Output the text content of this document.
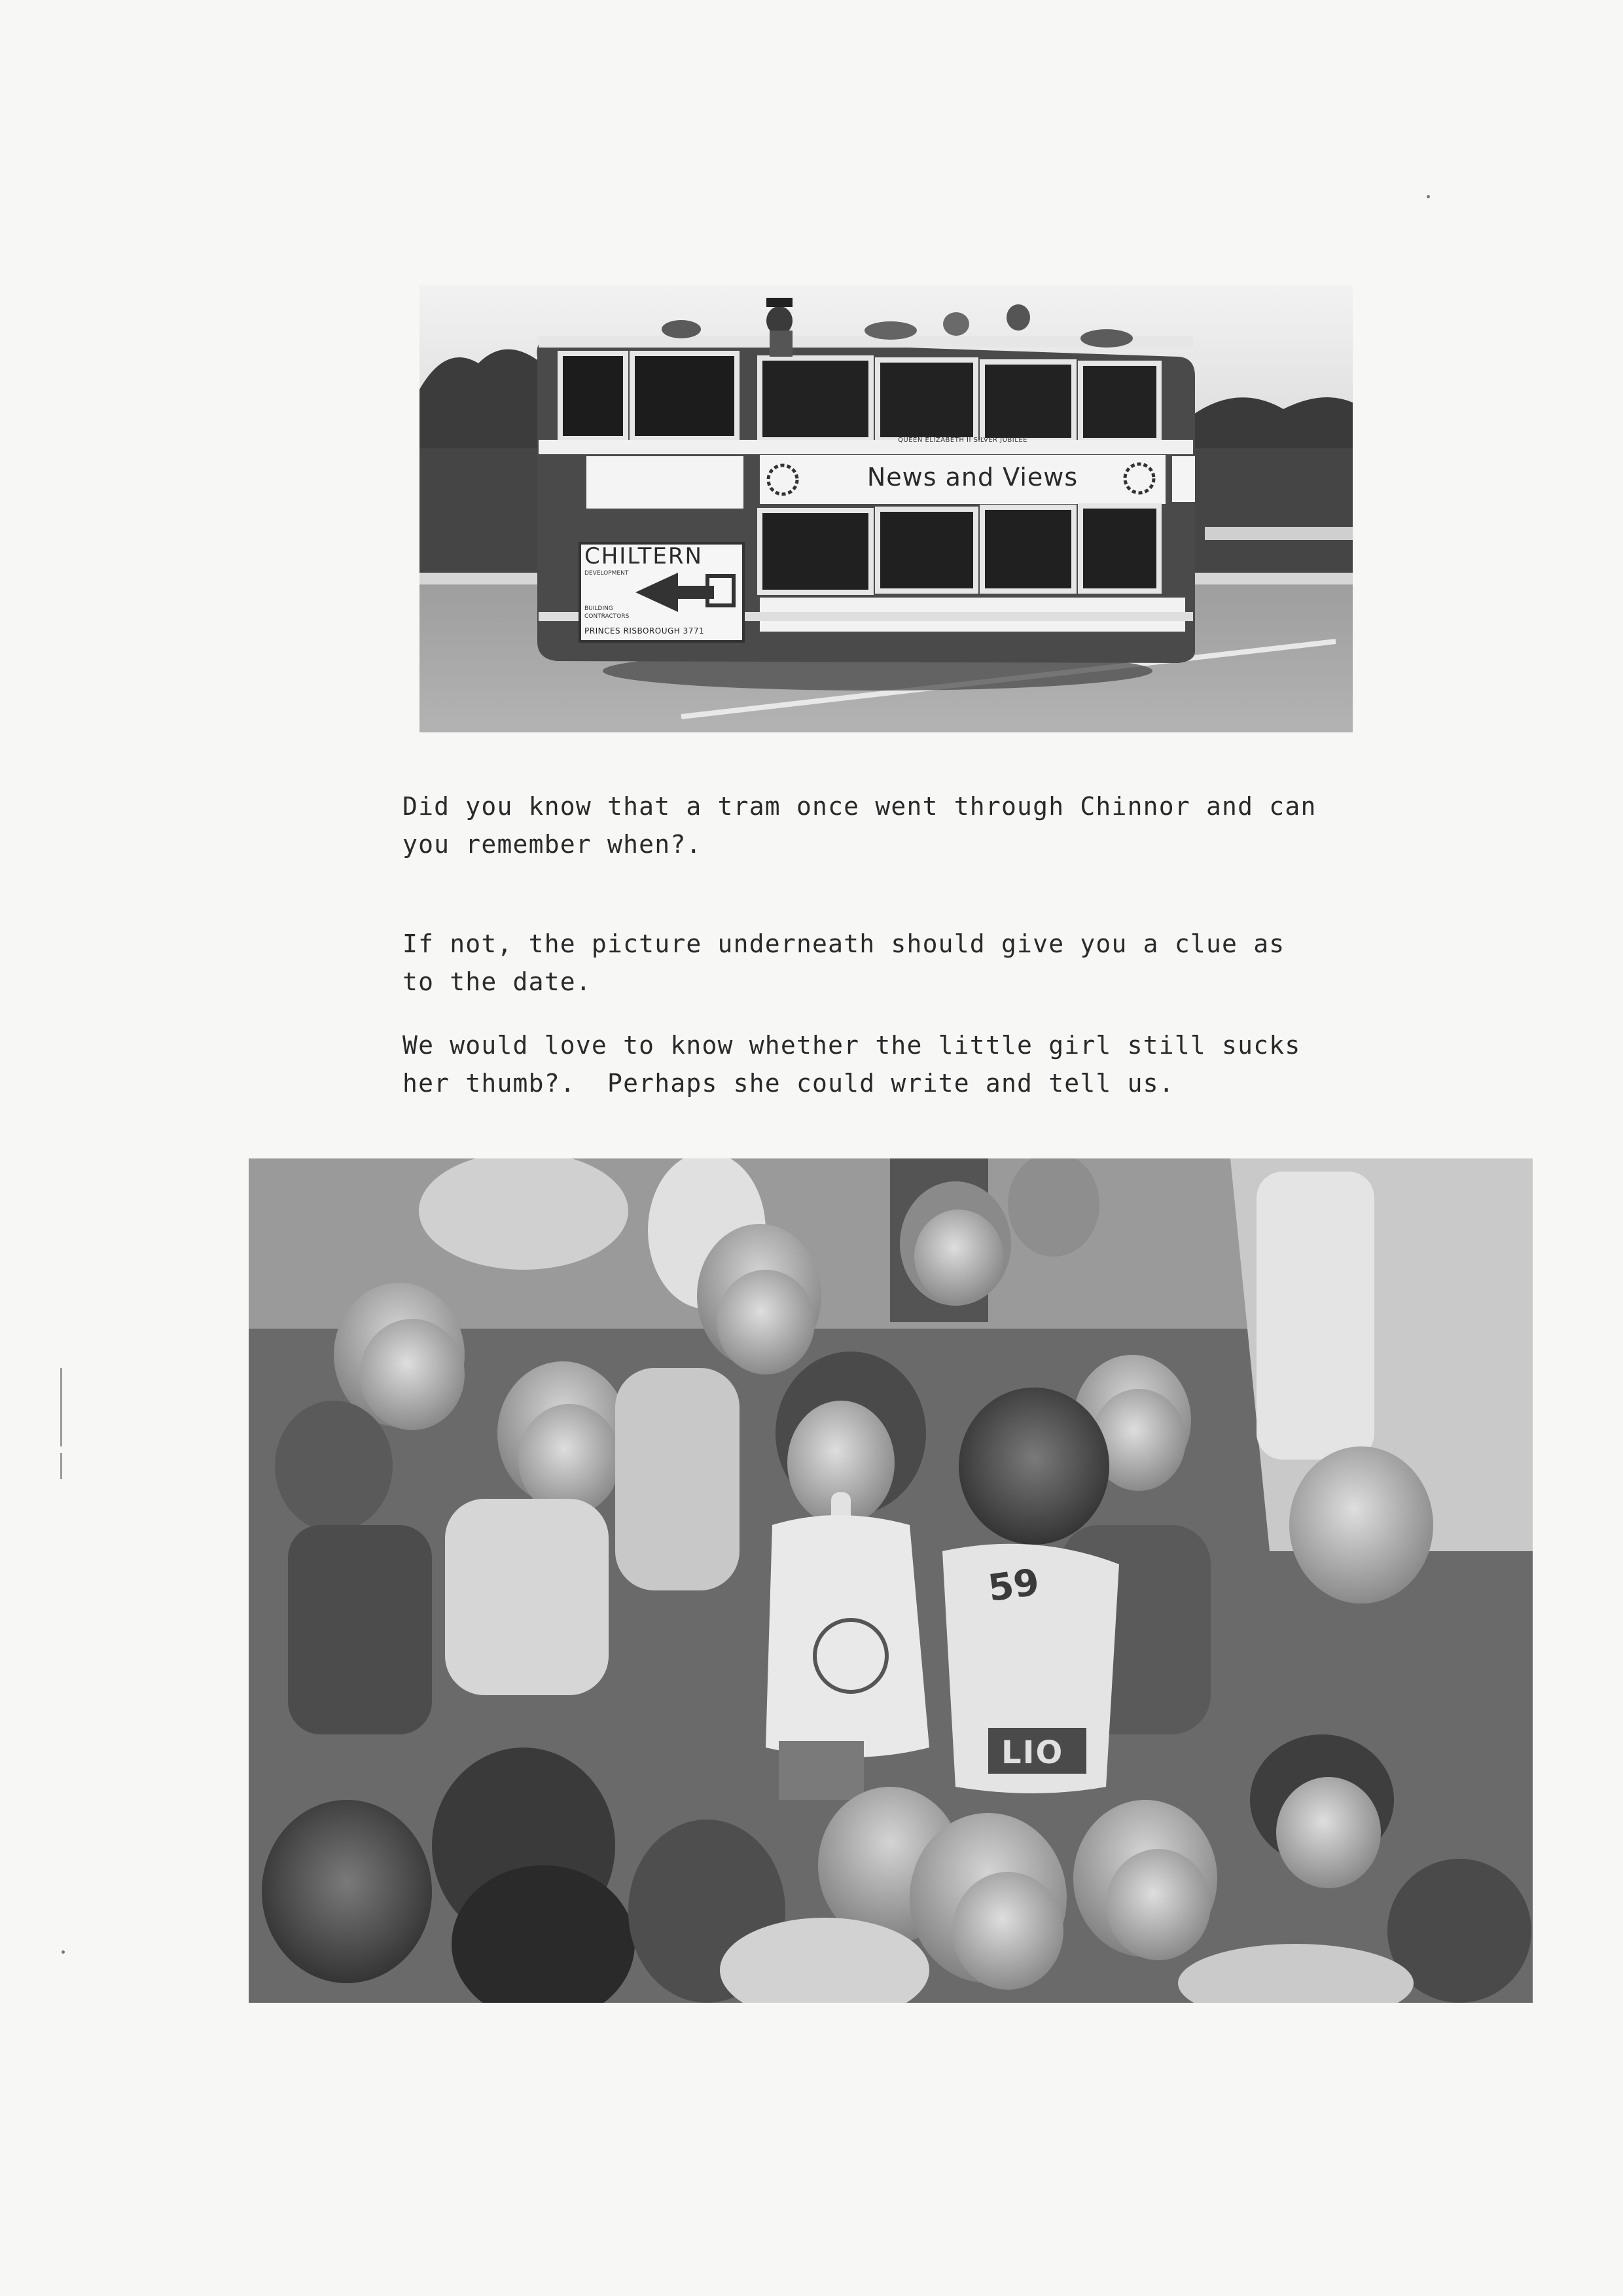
QUEEN ELIZABETH II SILVER JUBILEE
News and Views
CHILTERN
DEVELOPMENT
BUILDING
CONTRACTORS
PRINCES RISBOROUGH 3771

Did you know that a tram once went through Chinnor and can
you remember when?.

If not, the picture underneath should give you a clue as
to the date.

We would love to know whether the little girl still sucks
her thumb?.  Perhaps she could write and tell us.

59
LIO
